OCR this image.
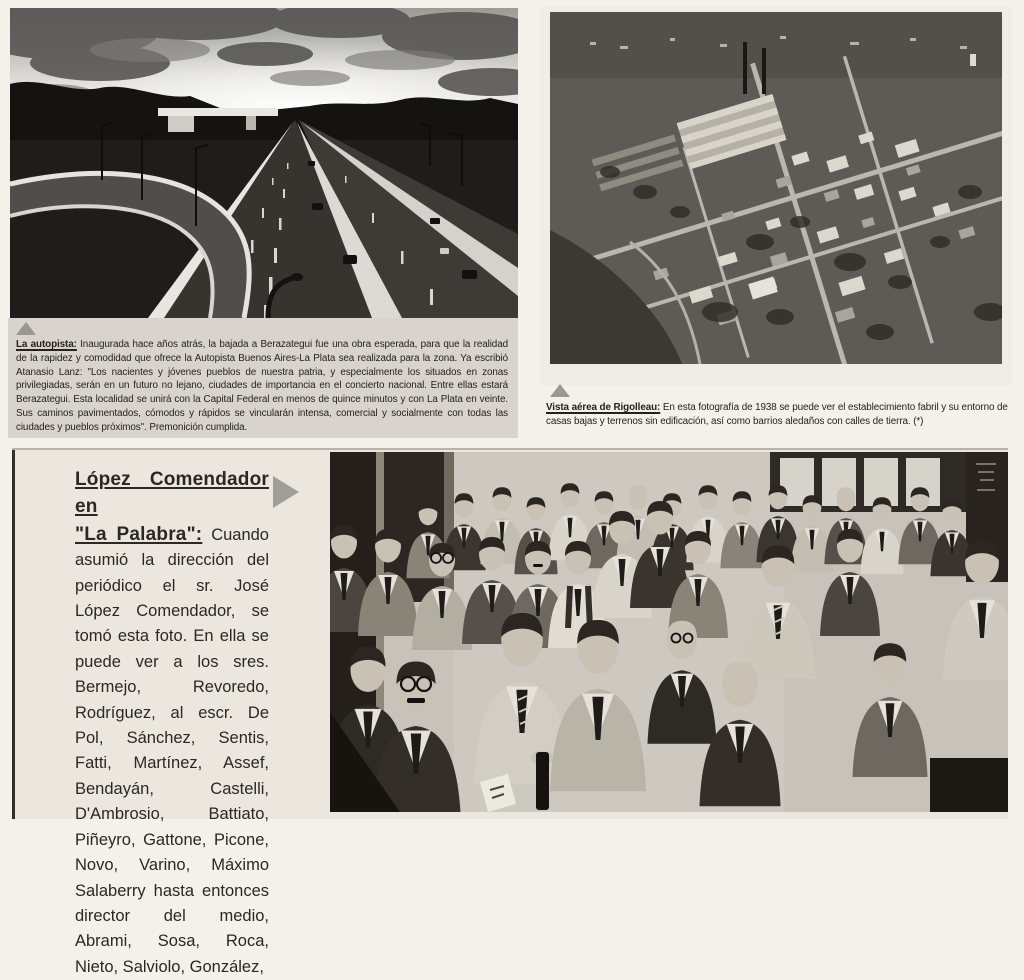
La autopista: Inaugurada hace años atrás, la bajada a Berazategui fue una obra esperada, para que la realidad de la rapidez y comodidad que ofrece la Autopista Buenos Aires-La Plata sea realizada para la zona. Ya escribió Atanasio Lanz: "Los nacientes y jóvenes pueblos de nuestra patria, y especialmente los situados en zonas privilegiadas, serán en un futuro no lejano, ciudades de importancia en el concierto nacional. Entre ellas estará Berazategui. Esta localidad se unirá con la Capital Federal en menos de quince minutos y con La Plata en veinte. Sus caminos pavimentados, cómodos y rápidos se vincularán intensa, comercial y socialmente con todas las ciudades y pueblos próximos". Premonición cumplida.

Vista aérea de Rigolleau: En esta fotografía de 1938 se puede ver el establecimiento fabril y su entorno de casas bajas y terrenos sin edificación, así como barrios aledaños con calles de tierra. (*)

López Comendador en
"La Palabra": Cuando asumió la dirección del periódico el sr. José López Comendador, se tomó esta foto. En ella se puede ver a los sres. Bermejo, Revoredo, Rodríguez, al escr. De Pol, Sánchez, Sentis, Fatti, Martínez, Assef, Bendayán, Castelli, D'Ambrosio, Battiato, Piñeyro, Gattone, Picone, Novo, Varino, Máximo Salaberry hasta entonces director del medio, Abrami, Sosa, Roca, Nieto, Salviolo, González,
